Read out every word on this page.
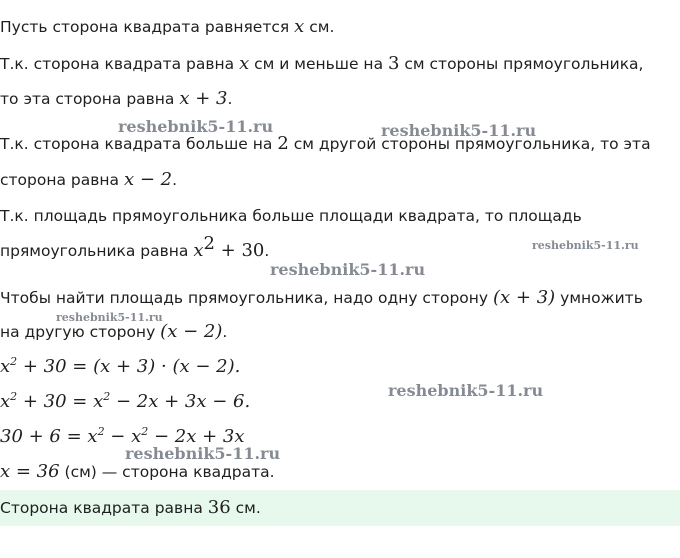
Пусть сторона квадрата равняется x см.
Т.к. сторона квадрата равна x см и меньше на 3 см стороны прямоугольника,
то эта сторона равна x + 3.
Т.к. сторона квадрата больше на 2 см другой стороны прямоугольника, то эта
сторона равна x − 2.
Т.к. площадь прямоугольника больше площади квадрата, то площадь
прямоугольника равна $x^2 + 30$.
Чтобы найти площадь прямоугольника, надо одну сторону (x + 3) умножить
на другую сторону (x − 2).
$x^2 + 30 = (x + 3) \cdot (x - 2)$.
$x^2 + 30 = x^2 - 2x + 3x - 6$.
$30 + 6 = x^2 - x^2 - 2x + 3x$
x = 36 (см) — сторона квадрата.
Сторона квадрата равна 36 см.
reshebnik5-11.ru	reshebnik5-11.ru
reshebnik5-11.ru
reshebnik5-11.ru
reshebnik5-11.ru
reshebnik5-11.ru
reshebnik5-11.ru
